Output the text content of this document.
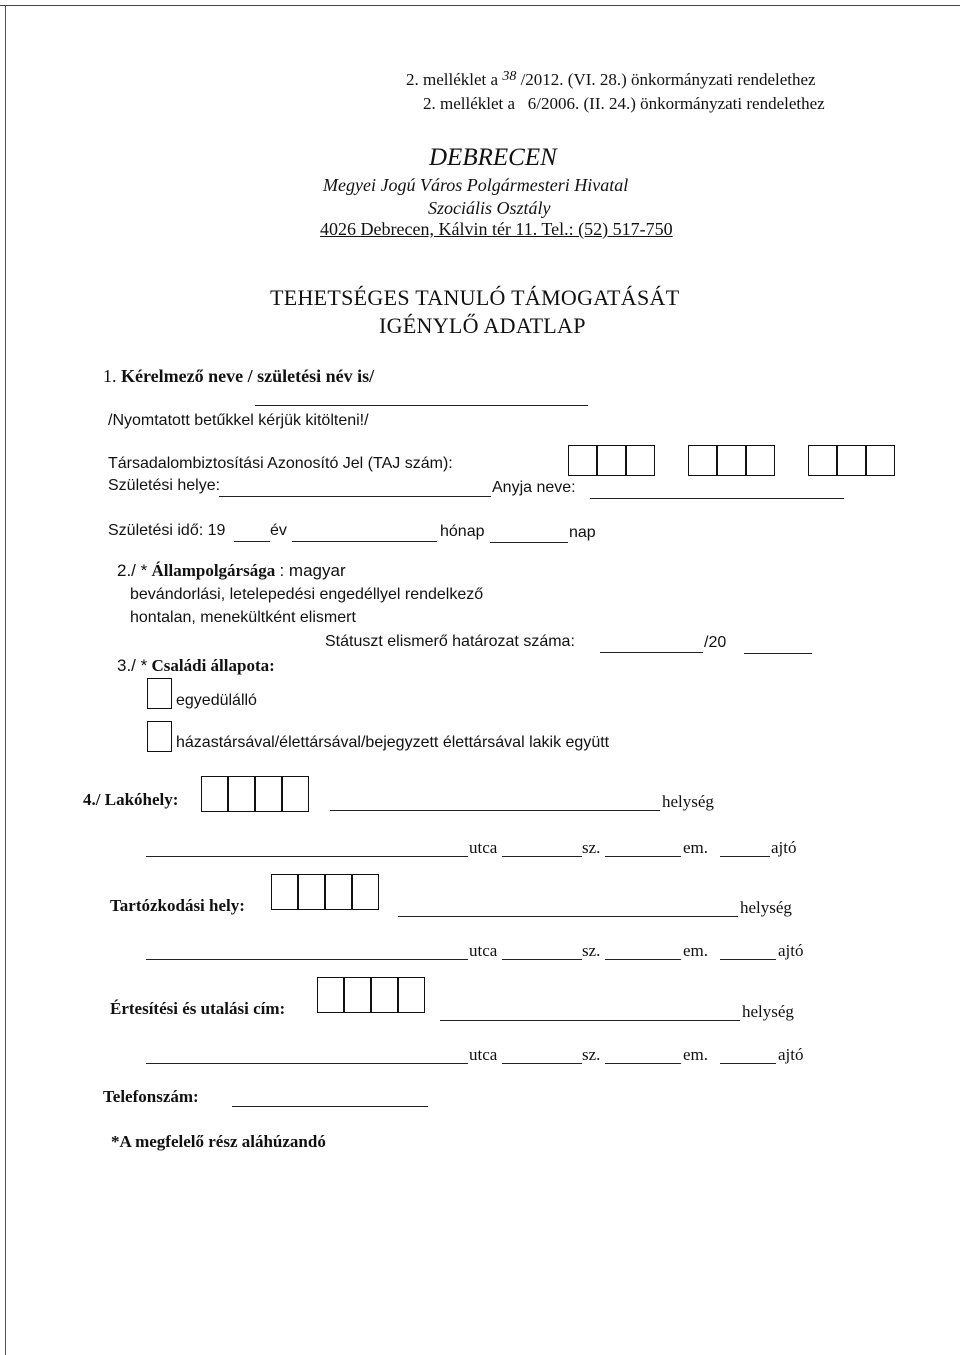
2. melléklet a $^{38}$ /2012. (VI. 28.) önkormányzati rendelethez
2. melléklet a   6/2006. (II. 24.) önkormányzati rendelethez
DEBRECEN
Megyei Jogú Város Polgármesteri Hivatal
Szociális Osztály
4026 Debrecen, Kálvin tér 11. Tel.: (52) 517-750
TEHETSÉGES TANULÓ TÁMOGATÁSÁT
IGÉNYLŐ ADATLAP
1. Kérelmező neve / születési név is/
/Nyomtatott betűkkel kérjük kitölteni!/
Társadalombiztosítási Azonosító Jel (TAJ szám):
Születési helye:	Anyja neve:
Születési idő: 19	év	hónap	nap
2./ * Állampolgársága : magyar
bevándorlási, letelepedési engedéllyel rendelkező
hontalan, menekültként elismert
Státuszt elismerő határozat száma:	/20
3./ * Családi állapota:
egyedülálló
házastársával/élettársával/bejegyzett élettársával lakik együtt
4./ Lakóhely:	helység
utca	sz.	em.	ajtó
Tartózkodási hely:	helység
utca	sz.	em.	ajtó
Értesítési és utalási cím:	helység
utca	sz.	em.	ajtó
Telefonszám:
*A megfelelő rész aláhúzandó
